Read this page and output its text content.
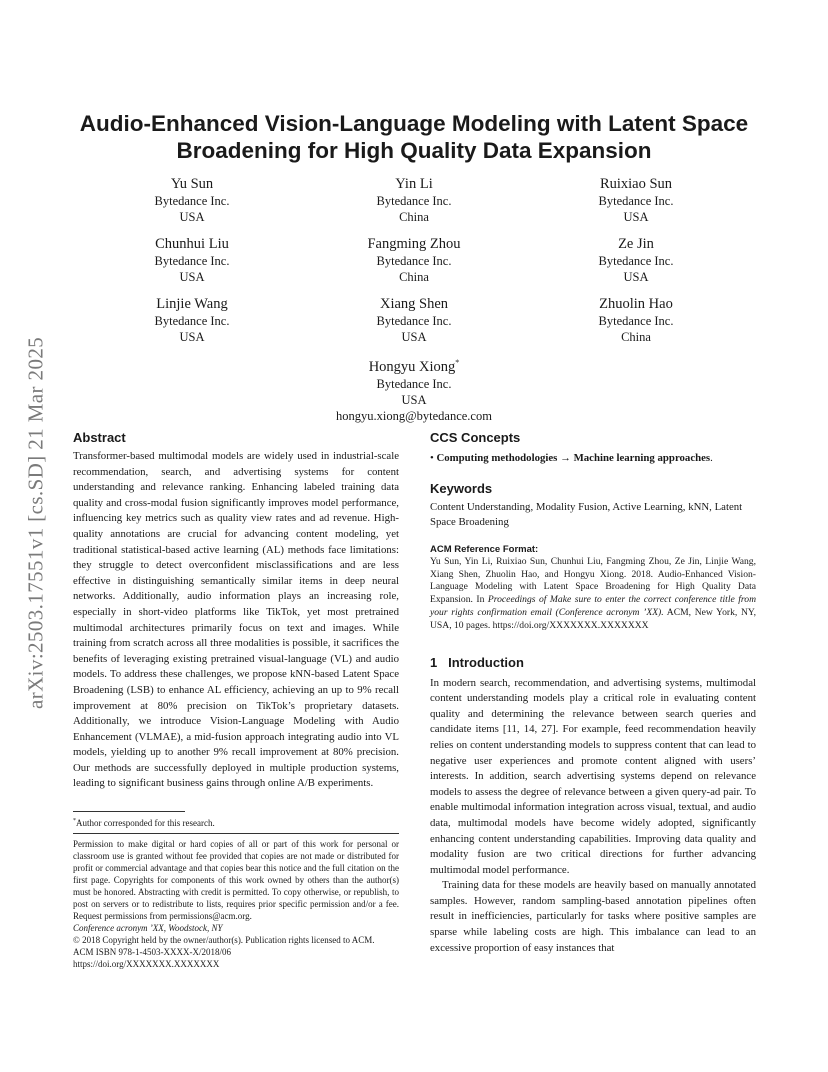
arXiv:2503.17551v1 [cs.SD] 21 Mar 2025
Audio-Enhanced Vision-Language Modeling with Latent Space Broadening for High Quality Data Expansion
Yu Sun
Bytedance Inc.
USA
Yin Li
Bytedance Inc.
China
Ruixiao Sun
Bytedance Inc.
USA
Chunhui Liu
Bytedance Inc.
USA
Fangming Zhou
Bytedance Inc.
China
Ze Jin
Bytedance Inc.
USA
Linjie Wang
Bytedance Inc.
USA
Xiang Shen
Bytedance Inc.
USA
Zhuolin Hao
Bytedance Inc.
China
Hongyu Xiong*
Bytedance Inc.
USA
hongyu.xiong@bytedance.com
Abstract

Transformer-based multimodal models are widely used in industrial-scale recommendation, search, and advertising systems for content understanding and relevance ranking. Enhancing labeled training data quality and cross-modal fusion significantly improves model performance, influencing key metrics such as quality view rates and ad revenue. High-quality annotations are crucial for advancing content modeling, yet traditional statistical-based active learning (AL) methods face limitations: they struggle to detect overconfident misclassifications and are less effective in distinguishing semantically similar items in deep neural networks. Additionally, audio information plays an increasing role, especially in short-video platforms like TikTok, yet most pretrained multimodal architectures primarily focus on text and images. While training from scratch across all three modalities is possible, it sacrifices the benefits of leveraging existing pretrained visual-language (VL) and audio models. To address these challenges, we propose kNN-based Latent Space Broadening (LSB) to enhance AL efficiency, achieving an up to 9% recall improvement at 80% precision on TikTok’s proprietary datasets. Additionally, we introduce Vision-Language Modeling with Audio Enhancement (VLMAE), a mid-fusion approach integrating audio into VL models, yielding up to another 9% recall improvement at 80% precision. Our methods are successfully deployed in multiple production systems, leading to significant business gains through online A/B experiments.

*Author corresponded for this research.

Permission to make digital or hard copies of all or part of this work for personal or classroom use is granted without fee provided that copies are not made or distributed for profit or commercial advantage and that copies bear this notice and the full citation on the first page. Copyrights for components of this work owned by others than the author(s) must be honored. Abstracting with credit is permitted. To copy otherwise, or republish, to post on servers or to redistribute to lists, requires prior specific permission and/or a fee. Request permissions from permissions@acm.org.

Conference acronym ’XX, Woodstock, NY

© 2018 Copyright held by the owner/author(s). Publication rights licensed to ACM.

ACM ISBN 978-1-4503-XXXX-X/2018/06

https://doi.org/XXXXXXX.XXXXXXX

CCS Concepts

• Computing methodologies → Machine learning approaches.

Keywords

Content Understanding, Modality Fusion, Active Learning, kNN, Latent Space Broadening

ACM Reference Format:

Yu Sun, Yin Li, Ruixiao Sun, Chunhui Liu, Fangming Zhou, Ze Jin, Linjie Wang, Xiang Shen, Zhuolin Hao, and Hongyu Xiong. 2018. Audio-Enhanced Vision-Language Modeling with Latent Space Broadening for High Quality Data Expansion. In Proceedings of Make sure to enter the correct conference title from your rights confirmation email (Conference acronym ’XX). ACM, New York, NY, USA, 10 pages. https://doi.org/XXXXXXX.XXXXXXX

1 Introduction

In modern search, recommendation, and advertising systems, multimodal content understanding models play a critical role in evaluating content quality and determining the relevance between search queries and candidate items [11, 14, 27]. For example, feed recommendation heavily relies on content understanding models to suppress content that can lead to negative user experiences and promote content aligned with users’ interests. In addition, search advertising systems depend on relevance models to assess the degree of relevance between a given query-ad pair. To enable multimodal information integration across visual, textual, and audio data, multimodal models have become widely adopted, significantly enhancing content understanding capabilities. Improving data quality and modality fusion are two critical directions for further advancing multimodal model performance.

Training data for these models are heavily based on manually annotated samples. However, random sampling-based annotation pipelines often result in inefficiencies, particularly for tasks where positive samples are sparse while labeling costs are high. This imbalance can lead to an excessive proportion of easy instances that
